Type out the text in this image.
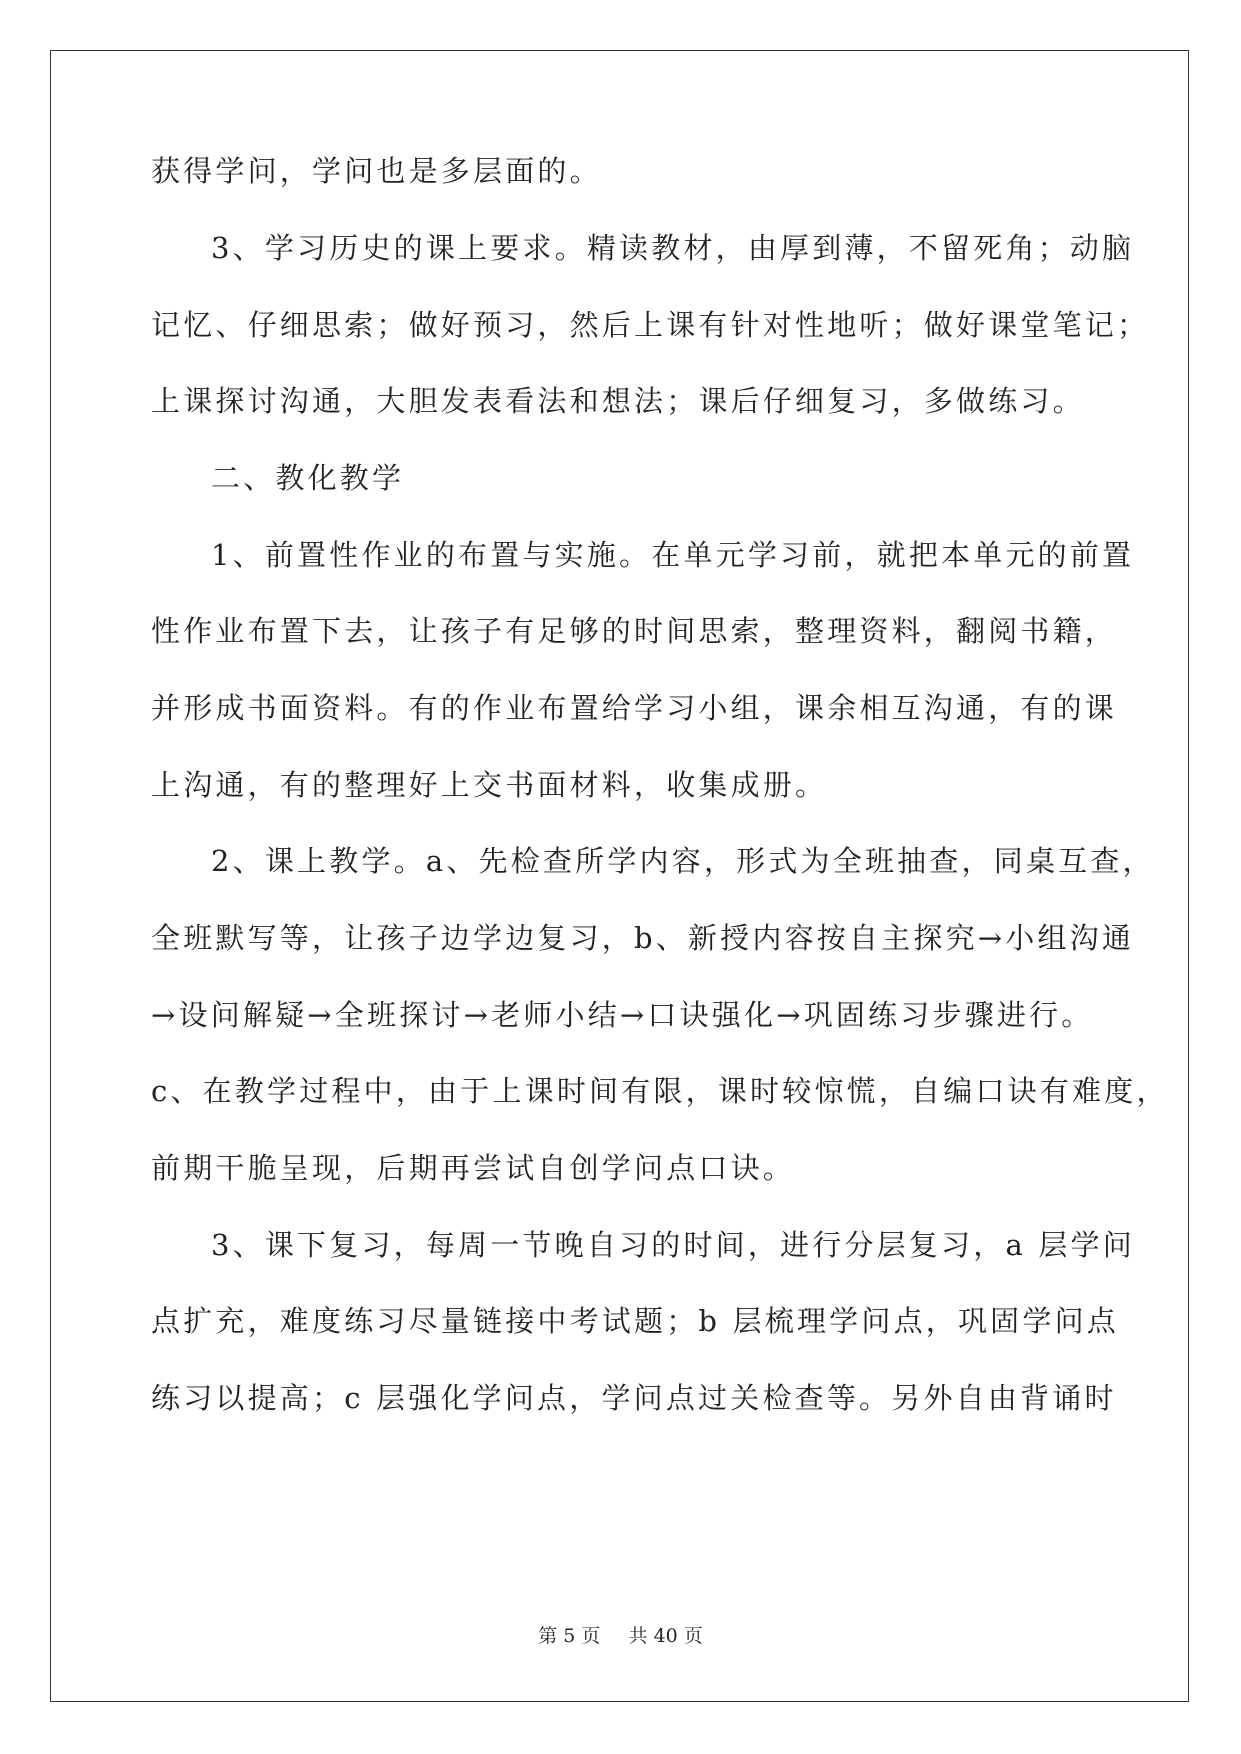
获得学问，学问也是多层面的。
3、学习历史的课上要求。精读教材，由厚到薄，不留死角；动脑
记忆、仔细思索；做好预习，然后上课有针对性地听；做好课堂笔记；
上课探讨沟通，大胆发表看法和想法；课后仔细复习，多做练习。
二、教化教学
1、前置性作业的布置与实施。在单元学习前，就把本单元的前置
性作业布置下去，让孩子有足够的时间思索，整理资料，翻阅书籍，
并形成书面资料。有的作业布置给学习小组，课余相互沟通，有的课
上沟通，有的整理好上交书面材料，收集成册。
2、课上教学。a、先检查所学内容，形式为全班抽查，同桌互查，
全班默写等，让孩子边学边复习，b、新授内容按自主探究→小组沟通
→设问解疑→全班探讨→老师小结→口诀强化→巩固练习步骤进行。
c、在教学过程中，由于上课时间有限，课时较惊慌，自编口诀有难度，
前期干脆呈现，后期再尝试自创学问点口诀。
3、课下复习，每周一节晚自习的时间，进行分层复习，a 层学问
点扩充，难度练习尽量链接中考试题；b 层梳理学问点，巩固学问点
练习以提高；c 层强化学问点，学问点过关检查等。另外自由背诵时
第 5 页 共 40 页
